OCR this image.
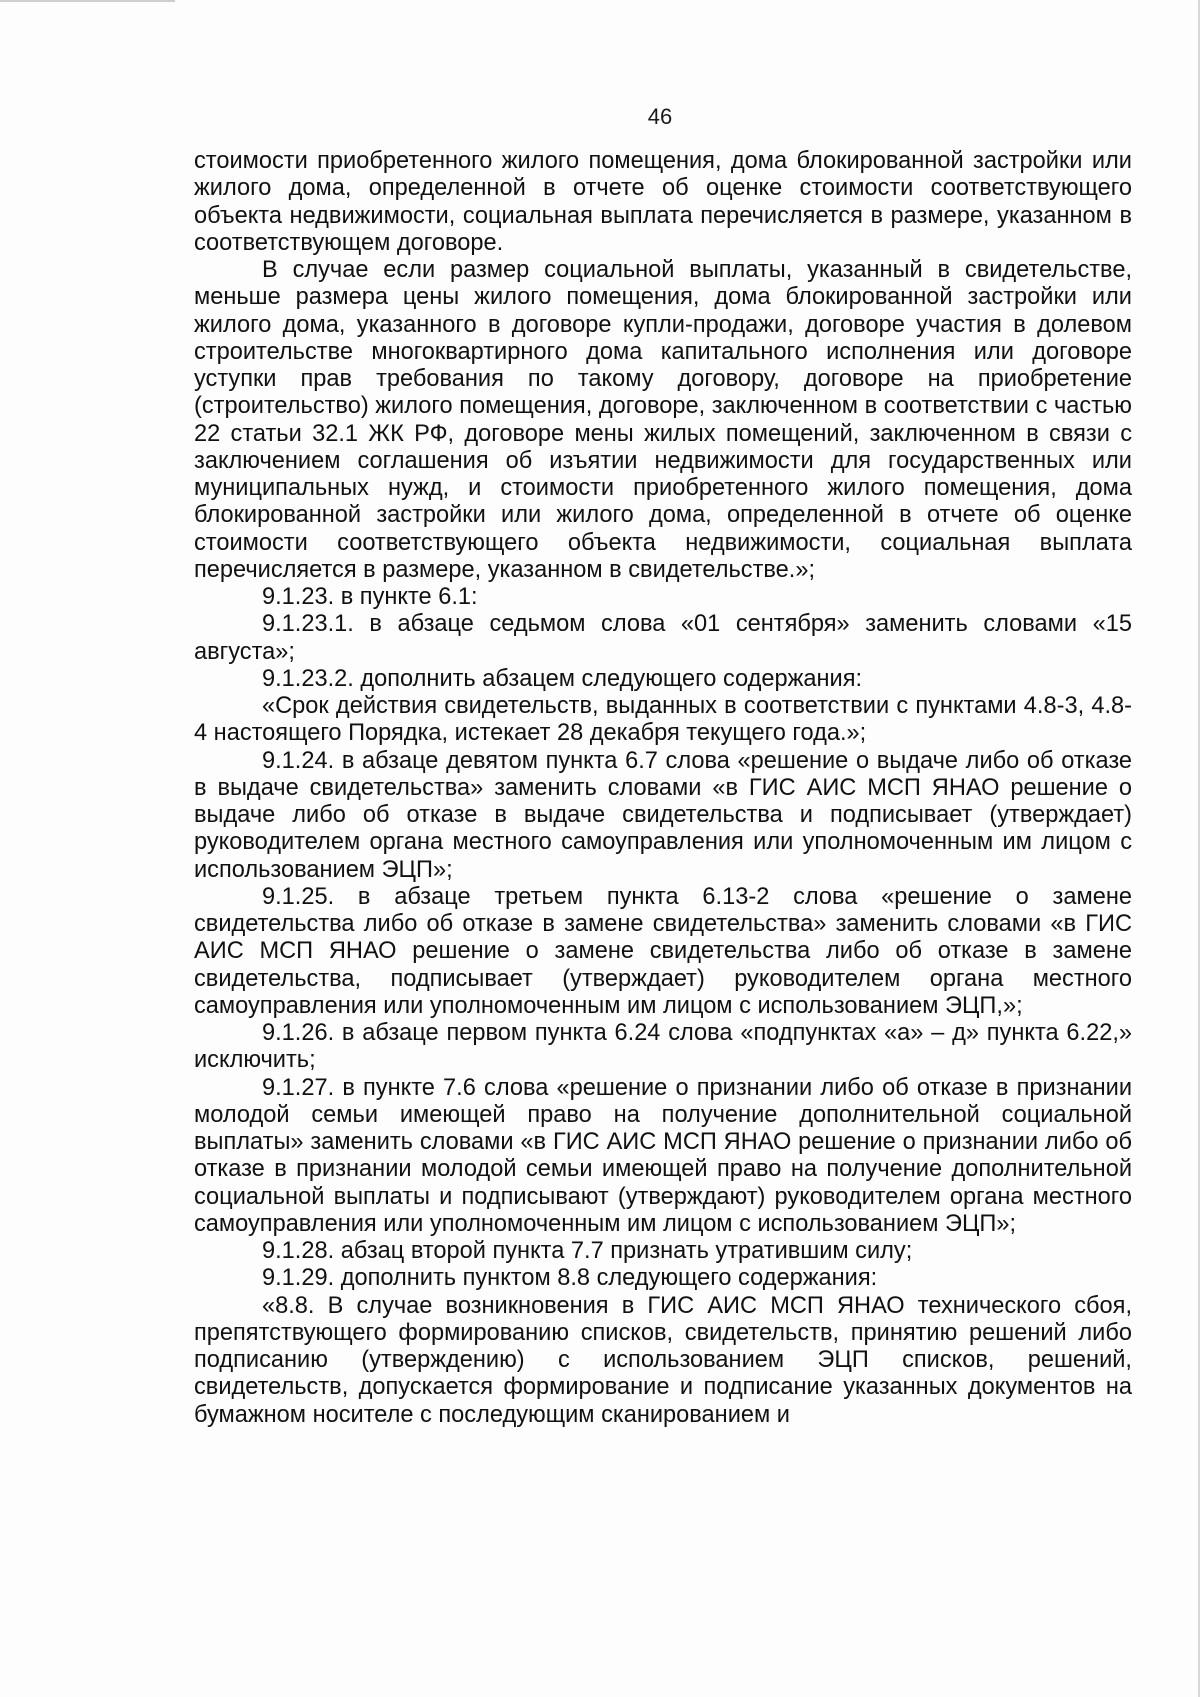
46

стоимости приобретенного жилого помещения, дома блокированной застройки или жилого дома, определенной в отчете об оценке стоимости соответствующего объекта недвижимости, социальная выплата перечисляется в размере, указанном в соответствующем договоре.

В случае если размер социальной выплаты, указанный в свидетельстве, меньше размера цены жилого помещения, дома блокированной застройки или жилого дома, указанного в договоре купли-продажи, договоре участия в долевом строительстве многоквартирного дома капитального исполнения или договоре уступки прав требования по такому договору, договоре на приобретение (строительство) жилого помещения, договоре, заключенном в соответствии с частью 22 статьи 32.1 ЖК РФ, договоре мены жилых помещений, заключенном в связи с заключением соглашения об изъятии недвижимости для государственных или муниципальных нужд, и стоимости приобретенного жилого помещения, дома блокированной застройки или жилого дома, определенной в отчете об оценке стоимости соответствующего объекта недвижимости, социальная выплата перечисляется в размере, указанном в свидетельстве.»;

9.1.23. в пункте 6.1:

9.1.23.1. в абзаце седьмом слова «01 сентября» заменить словами «15 августа»;

9.1.23.2. дополнить абзацем следующего содержания:

«Срок действия свидетельств, выданных в соответствии с пунктами 4.8-3, 4.8-4 настоящего Порядка, истекает 28 декабря текущего года.»;

9.1.24. в абзаце девятом пункта 6.7 слова «решение о выдаче либо об отказе в выдаче свидетельства» заменить словами «в ГИС АИС МСП ЯНАО решение о выдаче либо об отказе в выдаче свидетельства и подписывает (утверждает) руководителем органа местного самоуправления или уполномоченным им лицом с использованием ЭЦП»;

9.1.25. в абзаце третьем пункта 6.13-2 слова «решение о замене свидетельства либо об отказе в замене свидетельства» заменить словами «в ГИС АИС МСП ЯНАО решение о замене свидетельства либо об отказе в замене свидетельства, подписывает (утверждает) руководителем органа местного самоуправления или уполномоченным им лицом с использованием ЭЦП,»;

9.1.26. в абзаце первом пункта 6.24 слова «подпунктах «а» – д» пункта 6.22,» исключить;

9.1.27. в пункте 7.6 слова «решение о признании либо об отказе в признании молодой семьи имеющей право на получение дополнительной социальной выплаты» заменить словами «в ГИС АИС МСП ЯНАО решение о признании либо об отказе в признании молодой семьи имеющей право на получение дополнительной социальной выплаты и подписывают (утверждают) руководителем органа местного самоуправления или уполномоченным им лицом с использованием ЭЦП»;

9.1.28. абзац второй пункта 7.7 признать утратившим силу;

9.1.29. дополнить пунктом 8.8 следующего содержания:

«8.8. В случае возникновения в ГИС АИС МСП ЯНАО технического сбоя, препятствующего формированию списков, свидетельств, принятию решений либо подписанию (утверждению) с использованием ЭЦП списков, решений, свидетельств, допускается формирование и подписание указанных документов на бумажном носителе с последующим сканированием и
